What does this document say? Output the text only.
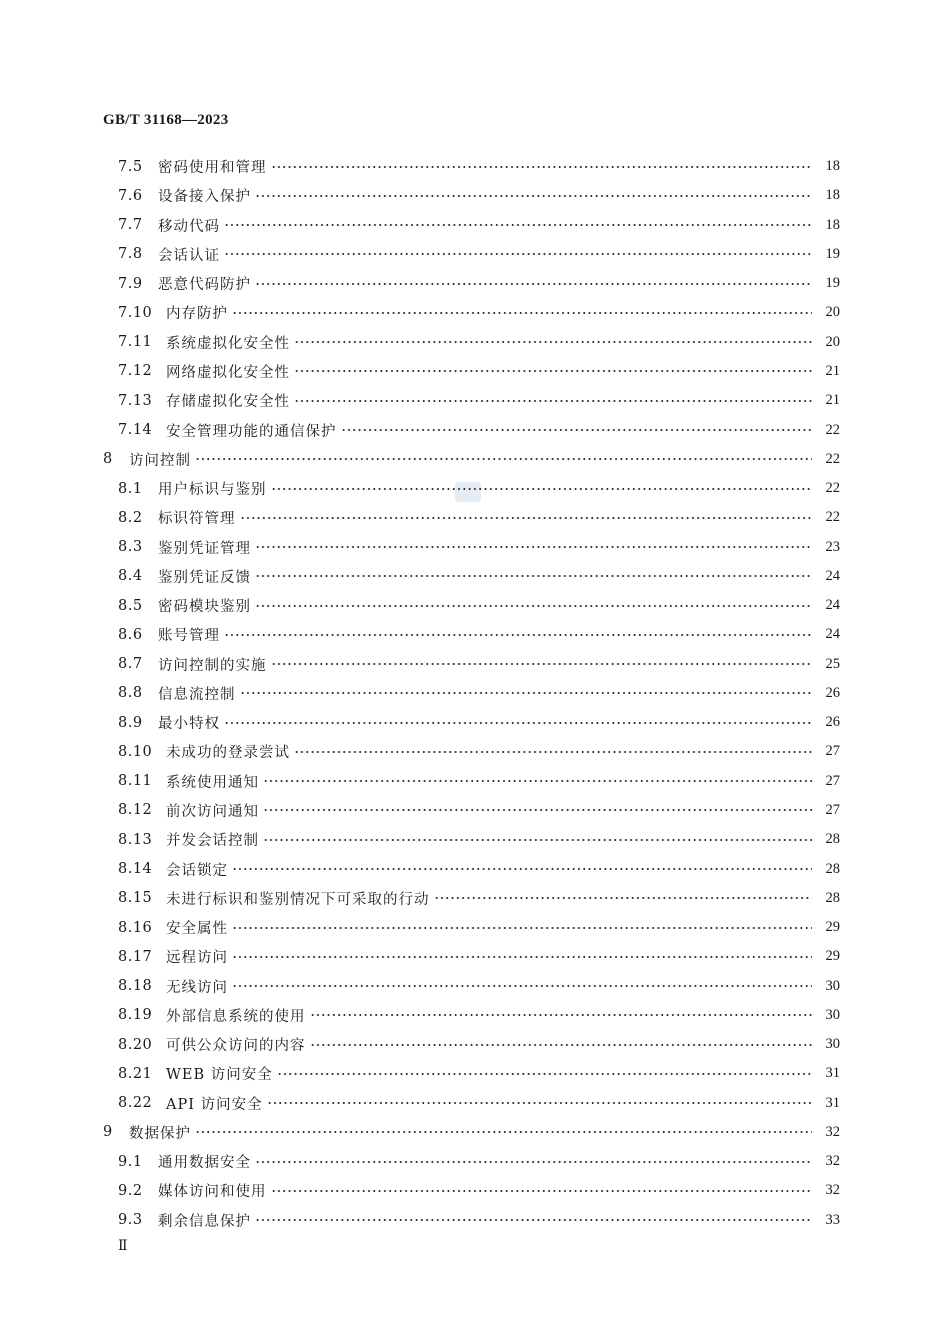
GB/T 31168—2023
7.5	密码使用和管理	18
7.6	设备接入保护	18
7.7	移动代码	18
7.8	会话认证	19
7.9	恶意代码防护	19
7.10 内存防护	20
7.11 系统虚拟化安全性	20
7.12 网络虚拟化安全性	21
7.13 存储虚拟化安全性	21
7.14 安全管理功能的通信保护	22
8	访问控制	22
8.1	用户标识与鉴别	22
8.2	标识符管理	22
8.3	鉴别凭证管理	23
8.4	鉴别凭证反馈	24
8.5	密码模块鉴别	24
8.6	账号管理	24
8.7	访问控制的实施	25
8.8	信息流控制	26
8.9	最小特权	26
8.10 未成功的登录尝试	27
8.11 系统使用通知	27
8.12 前次访问通知	27
8.13 并发会话控制	28
8.14 会话锁定	28
8.15 未进行标识和鉴别情况下可采取的行动	28
8.16 安全属性	29
8.17 远程访问	29
8.18 无线访问	30
8.19 外部信息系统的使用	30
8.20 可供公众访问的内容	30
8.21 WEB 访问安全	31
8.22 API 访问安全	31
9	数据保护	32
9.1	通用数据安全	32
9.2	媒体访问和使用	32
9.3	剩余信息保护	33
Ⅱ
